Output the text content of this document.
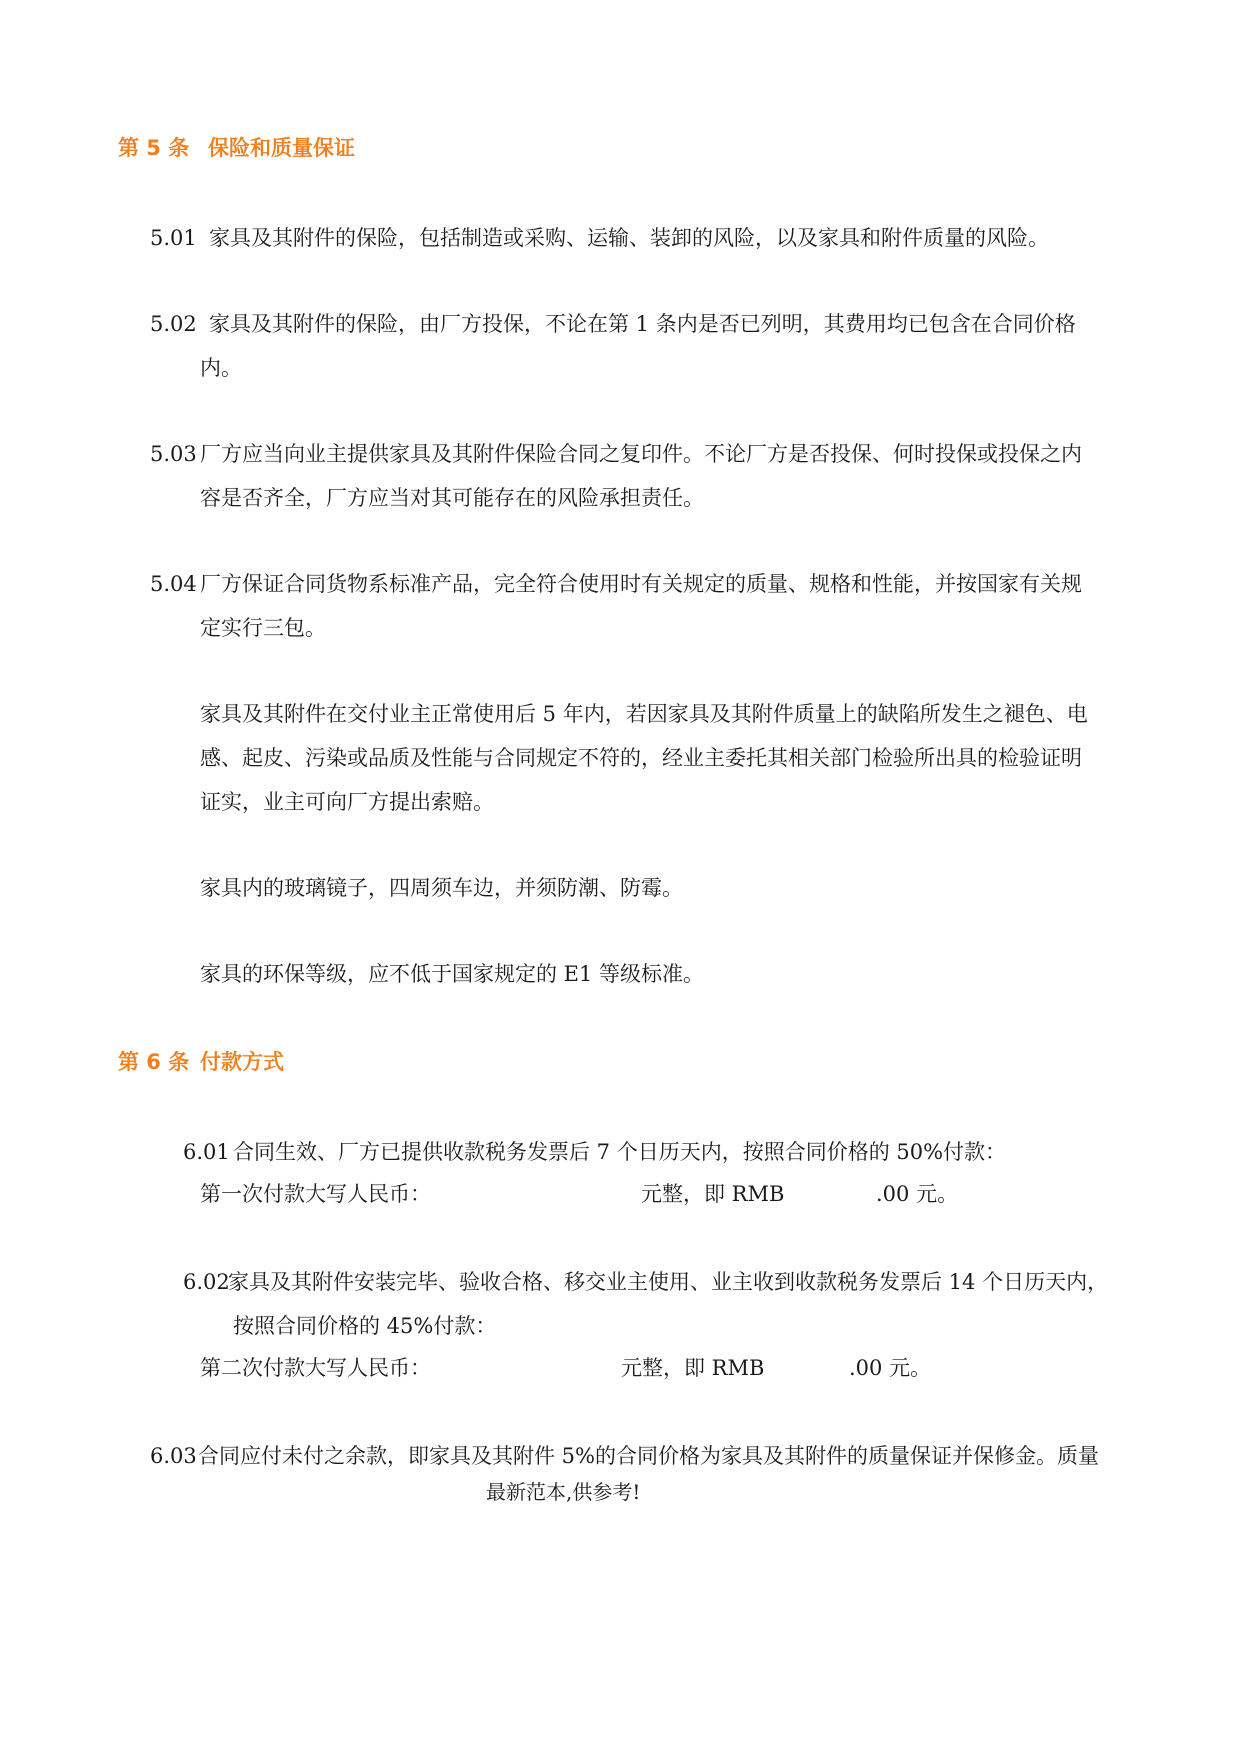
第 5 条 保险和质量保证
5.01 家具及其附件的保险，包括制造或采购、运输、装卸的风险，以及家具和附件质量的风险。
5.02 家具及其附件的保险，由厂方投保，不论在第 1 条内是否已列明，其费用均已包含在合同价格
内。
5.03 厂方应当向业主提供家具及其附件保险合同之复印件。不论厂方是否投保、何时投保或投保之内
容是否齐全，厂方应当对其可能存在的风险承担责任。
5.04 厂方保证合同货物系标准产品，完全符合使用时有关规定的质量、规格和性能，并按国家有关规
定实行三包。
家具及其附件在交付业主正常使用后 5 年内，若因家具及其附件质量上的缺陷所发生之褪色、电
感、起皮、污染或品质及性能与合同规定不符的，经业主委托其相关部门检验所出具的检验证明
证实，业主可向厂方提出索赔。
家具内的玻璃镜子，四周须车边，并须防潮、防霉。
家具的环保等级，应不低于国家规定的 E1 等级标准。
第 6 条 付款方式
6.01 合同生效、厂方已提供收款税务发票后 7 个日历天内，按照合同价格的 50%付款：
第一次付款大写人民币：	元整，即 RMB	.00 元。
6.02
家具及其附件安装完毕、验收合格、移交业主使用、业主收到收款税务发票后 14 个日历天内，
按照合同价格的 45%付款：
第二次付款大写人民币：	元整，即 RMB	.00 元。
6.03 合同应付未付之余款，即家具及其附件 5%的合同价格为家具及其附件的质量保证并保修金。质量
最新范本,供参考!
